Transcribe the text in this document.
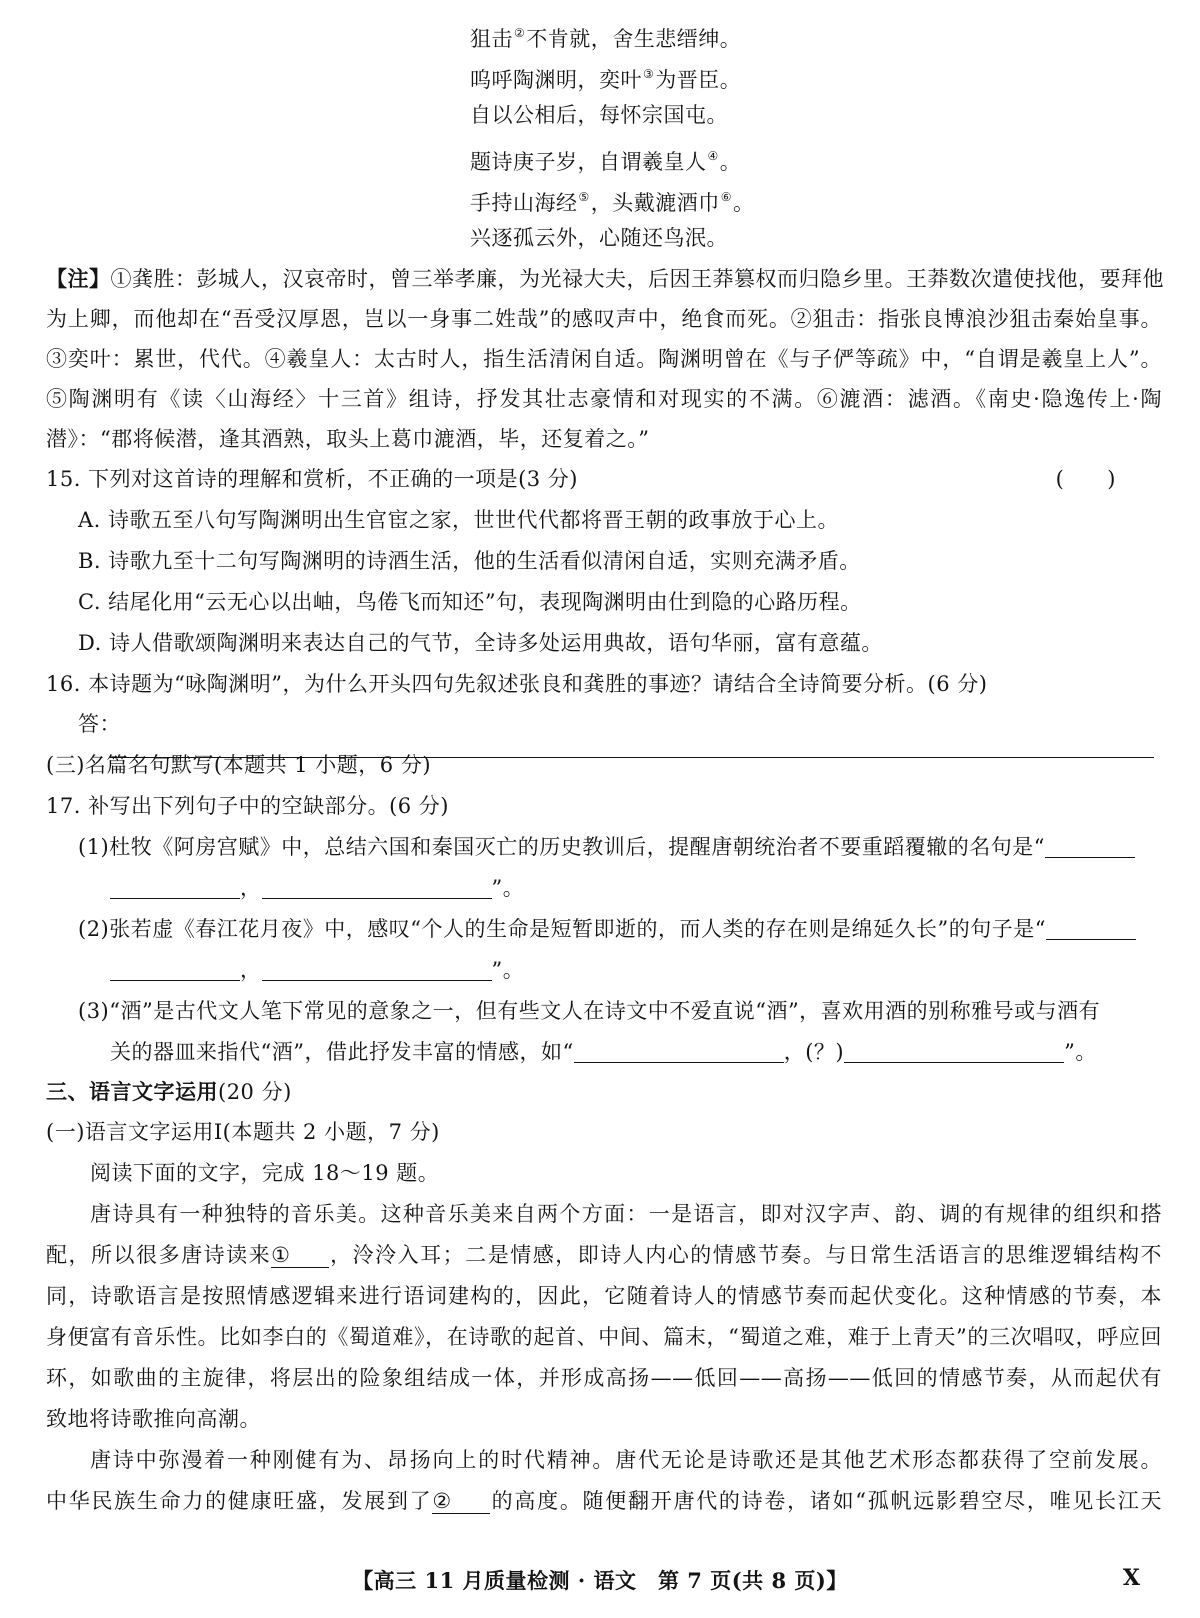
狙击②不肯就，舍生悲缙绅。
呜呼陶渊明，奕叶③为晋臣。
自以公相后，每怀宗国屯。
题诗庚子岁，自谓羲皇人④。
手持山海经⑤，头戴漉酒巾⑥。
兴逐孤云外，心随还鸟泯。
【注】①龚胜：彭城人，汉哀帝时，曾三举孝廉，为光禄大夫，后因王莽篡权而归隐乡里。王莽数次遣使找他，要拜他
为上卿，而他却在“吾受汉厚恩，岂以一身事二姓哉”的感叹声中，绝食而死。②狙击：指张良博浪沙狙击秦始皇事。
③奕叶：累世，代代。④羲皇人：太古时人，指生活清闲自适。陶渊明曾在《与子俨等疏》中，“自谓是羲皇上人”。
⑤陶渊明有《读〈山海经〉十三首》组诗，抒发其壮志豪情和对现实的不满。⑥漉酒：滤酒。《南史·隐逸传上·陶
潜》：“郡将候潜，逢其酒熟，取头上葛巾漉酒，毕，还复着之。”
15. 下列对这首诗的理解和赏析，不正确的一项是(3 分)	(　　)
A. 诗歌五至八句写陶渊明出生官宦之家，世世代代都将晋王朝的政事放于心上。
B. 诗歌九至十二句写陶渊明的诗酒生活，他的生活看似清闲自适，实则充满矛盾。
C. 结尾化用“云无心以出岫，鸟倦飞而知还”句，表现陶渊明由仕到隐的心路历程。
D. 诗人借歌颂陶渊明来表达自己的气节，全诗多处运用典故，语句华丽，富有意蕴。
16. 本诗题为“咏陶渊明”，为什么开头四句先叙述张良和龚胜的事迹？请结合全诗简要分析。(6 分)
答：
(三)名篇名句默写(本题共 1 小题，6 分)
17. 补写出下列句子中的空缺部分。(6 分)
(1)杜牧《阿房宫赋》中，总结六国和秦国灭亡的历史教训后，提醒唐朝统治者不要重蹈覆辙的名句是“
，	”。
(2)张若虚《春江花月夜》中，感叹“个人的生命是短暂即逝的，而人类的存在则是绵延久长”的句子是“
，	”。
(3)“酒”是古代文人笔下常见的意象之一，但有些文人在诗文中不爱直说“酒”，喜欢用酒的别称雅号或与酒有
关的器皿来指代“酒”，借此抒发丰富的情感，如“	，(？)	”。
三、语言文字运用(20 分)
(一)语言文字运用Ⅰ(本题共 2 小题，7 分)
阅读下面的文字，完成 18～19 题。
唐诗具有一种独特的音乐美。这种音乐美来自两个方面：一是语言，即对汉字声、韵、调的有规律的组织和搭
配，所以很多唐诗读来① ，泠泠入耳；二是情感，即诗人内心的情感节奏。与日常生活语言的思维逻辑结构不
同，诗歌语言是按照情感逻辑来进行语词建构的，因此，它随着诗人的情感节奏而起伏变化。这种情感的节奏，本
身便富有音乐性。比如李白的《蜀道难》，在诗歌的起首、中间、篇末，“蜀道之难，难于上青天”的三次唱叹，呼应回
环，如歌曲的主旋律，将层出的险象组结成一体，并形成高扬——低回——高扬——低回的情感节奏，从而起伏有
致地将诗歌推向高潮。
唐诗中弥漫着一种刚健有为、昂扬向上的时代精神。唐代无论是诗歌还是其他艺术形态都获得了空前发展。
中华民族生命力的健康旺盛，发展到了② 的高度。随便翻开唐代的诗卷，诸如“孤帆远影碧空尽，唯见长江天
【高三 11 月质量检测 · 语文　第 7 页(共 8 页)】	X
